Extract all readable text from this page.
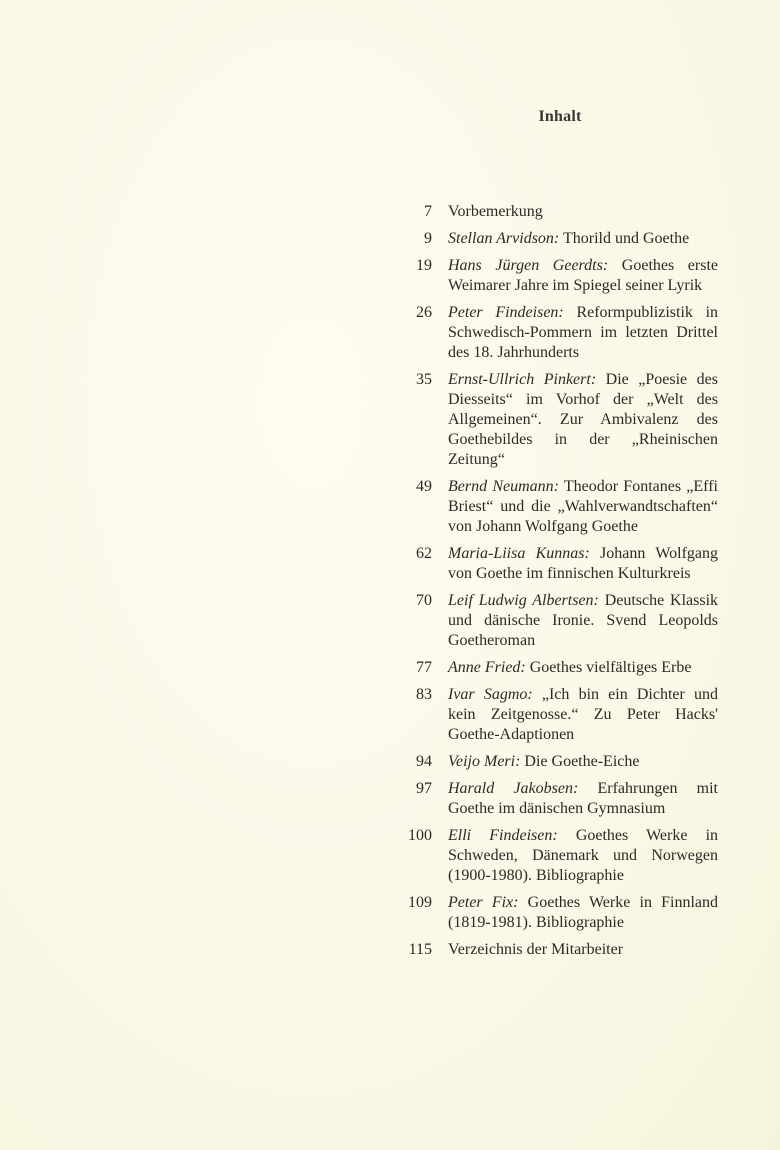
Inhalt
7	Vorbemerkung
9	Stellan Arvidson: Thorild und Goethe
19	Hans Jürgen Geerdts: Goethes erste Weimarer Jahre im Spiegel seiner Lyrik
26	Peter Findeisen: Reformpublizistik in Schwedisch-Pommern im letzten Drittel des 18. Jahrhunderts
35	Ernst-Ullrich Pinkert: Die „Poesie des Diesseits“ im Vorhof der „Welt des Allgemeinen“. Zur Ambivalenz des Goethebildes in der „Rheinischen Zeitung“
49	Bernd Neumann: Theodor Fontanes „Effi Briest“ und die „Wahlverwandtschaften“ von Johann Wolfgang Goethe
62	Maria-Liisa Kunnas: Johann Wolfgang von Goethe im finnischen Kulturkreis
70	Leif Ludwig Albertsen: Deutsche Klassik und dänische Ironie. Svend Leopolds Goetheroman
77	Anne Fried: Goethes vielfältiges Erbe
83	Ivar Sagmo: „Ich bin ein Dichter und kein Zeitgenosse.“ Zu Peter Hacks' Goethe-Adaptionen
94	Veijo Meri: Die Goethe-Eiche
97	Harald Jakobsen: Erfahrungen mit Goethe im dänischen Gymnasium
100	Elli Findeisen: Goethes Werke in Schweden, Dänemark und Norwegen (1900-1980). Bibliographie
109	Peter Fix: Goethes Werke in Finnland (1819-1981). Bibliographie
115	Verzeichnis der Mitarbeiter
